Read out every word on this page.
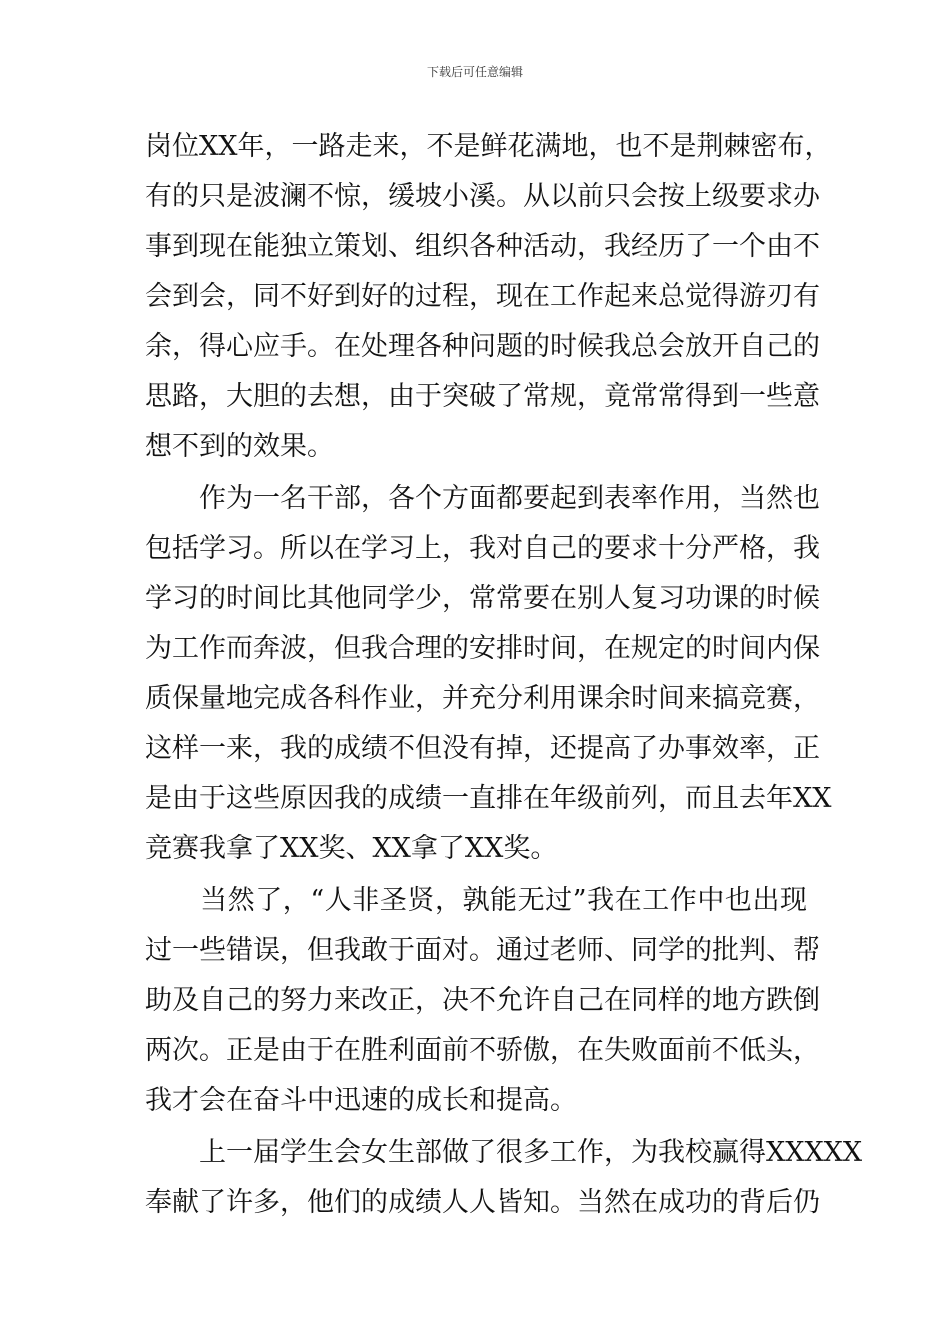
下载后可任意编辑
岗位XX年，一路走来，不是鲜花满地，也不是荆棘密布，
有的只是波澜不惊，缓坡小溪。从以前只会按上级要求办
事到现在能独立策划、组织各种活动，我经历了一个由不
会到会，同不好到好的过程，现在工作起来总觉得游刃有
余，得心应手。在处理各种问题的时候我总会放开自己的
思路，大胆的去想，由于突破了常规，竟常常得到一些意
想不到的效果。
　　作为一名干部，各个方面都要起到表率作用，当然也
包括学习。所以在学习上，我对自己的要求十分严格，我
学习的时间比其他同学少，常常要在别人复习功课的时候
为工作而奔波，但我合理的安排时间，在规定的时间内保
质保量地完成各科作业，并充分利用课余时间来搞竞赛，
这样一来，我的成绩不但没有掉，还提高了办事效率，正
是由于这些原因我的成绩一直排在年级前列，而且去年XX
竞赛我拿了XX奖、XX拿了XX奖。
　　当然了，“人非圣贤，孰能无过”我在工作中也出现
过一些错误，但我敢于面对。通过老师、同学的批判、帮
助及自己的努力来改正，决不允许自己在同样的地方跌倒
两次。正是由于在胜利面前不骄傲，在失败面前不低头，
我才会在奋斗中迅速的成长和提高。
　　上一届学生会女生部做了很多工作，为我校赢得XXXXX
奉献了许多，他们的成绩人人皆知。当然在成功的背后仍
